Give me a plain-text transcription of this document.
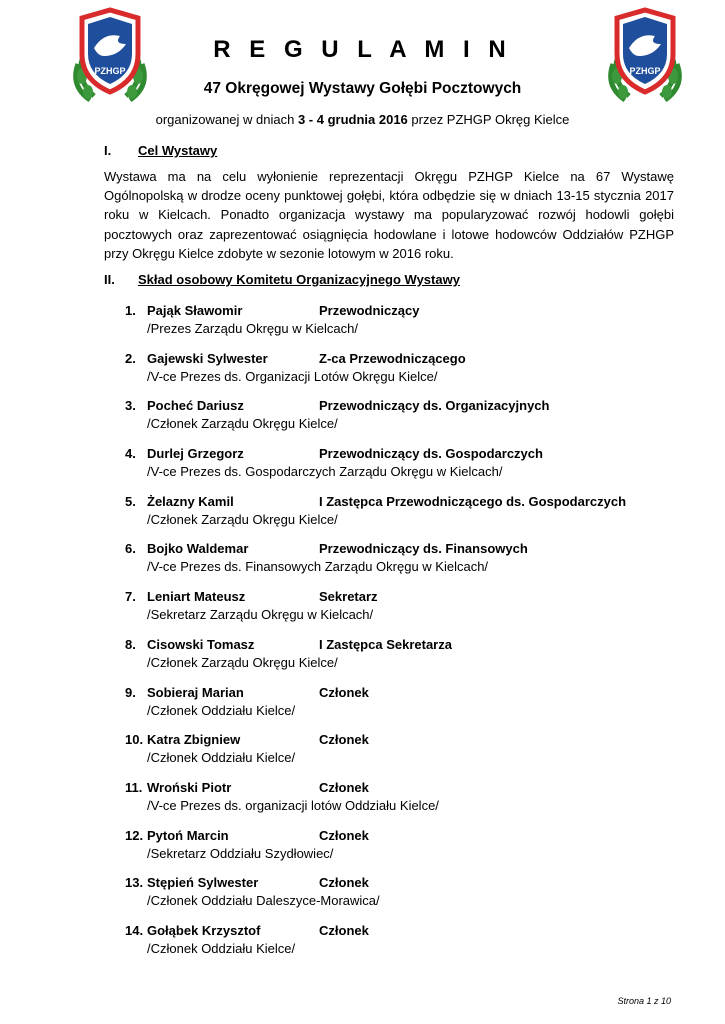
PZHGP	PZHGP
R E G U L A M I N
47 Okręgowej Wystawy Gołębi Pocztowych
organizowanej w dniach 3 - 4 grudnia 2016 przez PZHGP Okręg Kielce
I. Cel Wystawy
Wystawa ma na celu wyłonienie reprezentacji Okręgu PZHGP Kielce na 67 Wystawę Ogólnopolską w drodze oceny punktowej gołębi, która odbędzie się w dniach 13-15 stycznia 2017 roku w Kielcach. Ponadto organizacja wystawy ma popularyzować rozwój hodowli gołębi pocztowych oraz zaprezentować osiągnięcia hodowlane i lotowe hodowców Oddziałów PZHGP przy Okręgu Kielce zdobyte w sezonie lotowym w 2016 roku.
II. Skład osobowy Komitetu Organizacyjnego Wystawy
1. Pająk Sławomir	Przewodniczący
/Prezes Zarządu Okręgu w Kielcach/
2. Gajewski Sylwester	Z-ca Przewodniczącego
/V-ce Prezes ds. Organizacji Lotów Okręgu Kielce/
3. Pocheć Dariusz	Przewodniczący ds. Organizacyjnych
/Członek Zarządu Okręgu Kielce/
4. Durlej Grzegorz	Przewodniczący ds. Gospodarczych
/V-ce Prezes ds. Gospodarczych Zarządu Okręgu w Kielcach/
5. Żelazny Kamil	I Zastępca Przewodniczącego ds. Gospodarczych
/Członek Zarządu Okręgu Kielce/
6. Bojko Waldemar	Przewodniczący ds. Finansowych
/V-ce Prezes ds. Finansowych Zarządu Okręgu w Kielcach/
7. Leniart Mateusz	Sekretarz
/Sekretarz Zarządu Okręgu w Kielcach/
8. Cisowski Tomasz	I Zastępca Sekretarza
/Członek Zarządu Okręgu Kielce/
9. Sobieraj Marian	Członek
/Członek Oddziału Kielce/
10. Katra Zbigniew	Członek
/Członek Oddziału Kielce/
11. Wroński Piotr	Członek
/V-ce Prezes ds. organizacji lotów Oddziału Kielce/
12. Pytoń Marcin	Członek
/Sekretarz Oddziału Szydłowiec/
13. Stępień Sylwester	Członek
/Członek Oddziału Daleszyce-Morawica/
14. Gołąbek Krzysztof	Członek
/Członek Oddziału Kielce/
Strona 1 z 10
